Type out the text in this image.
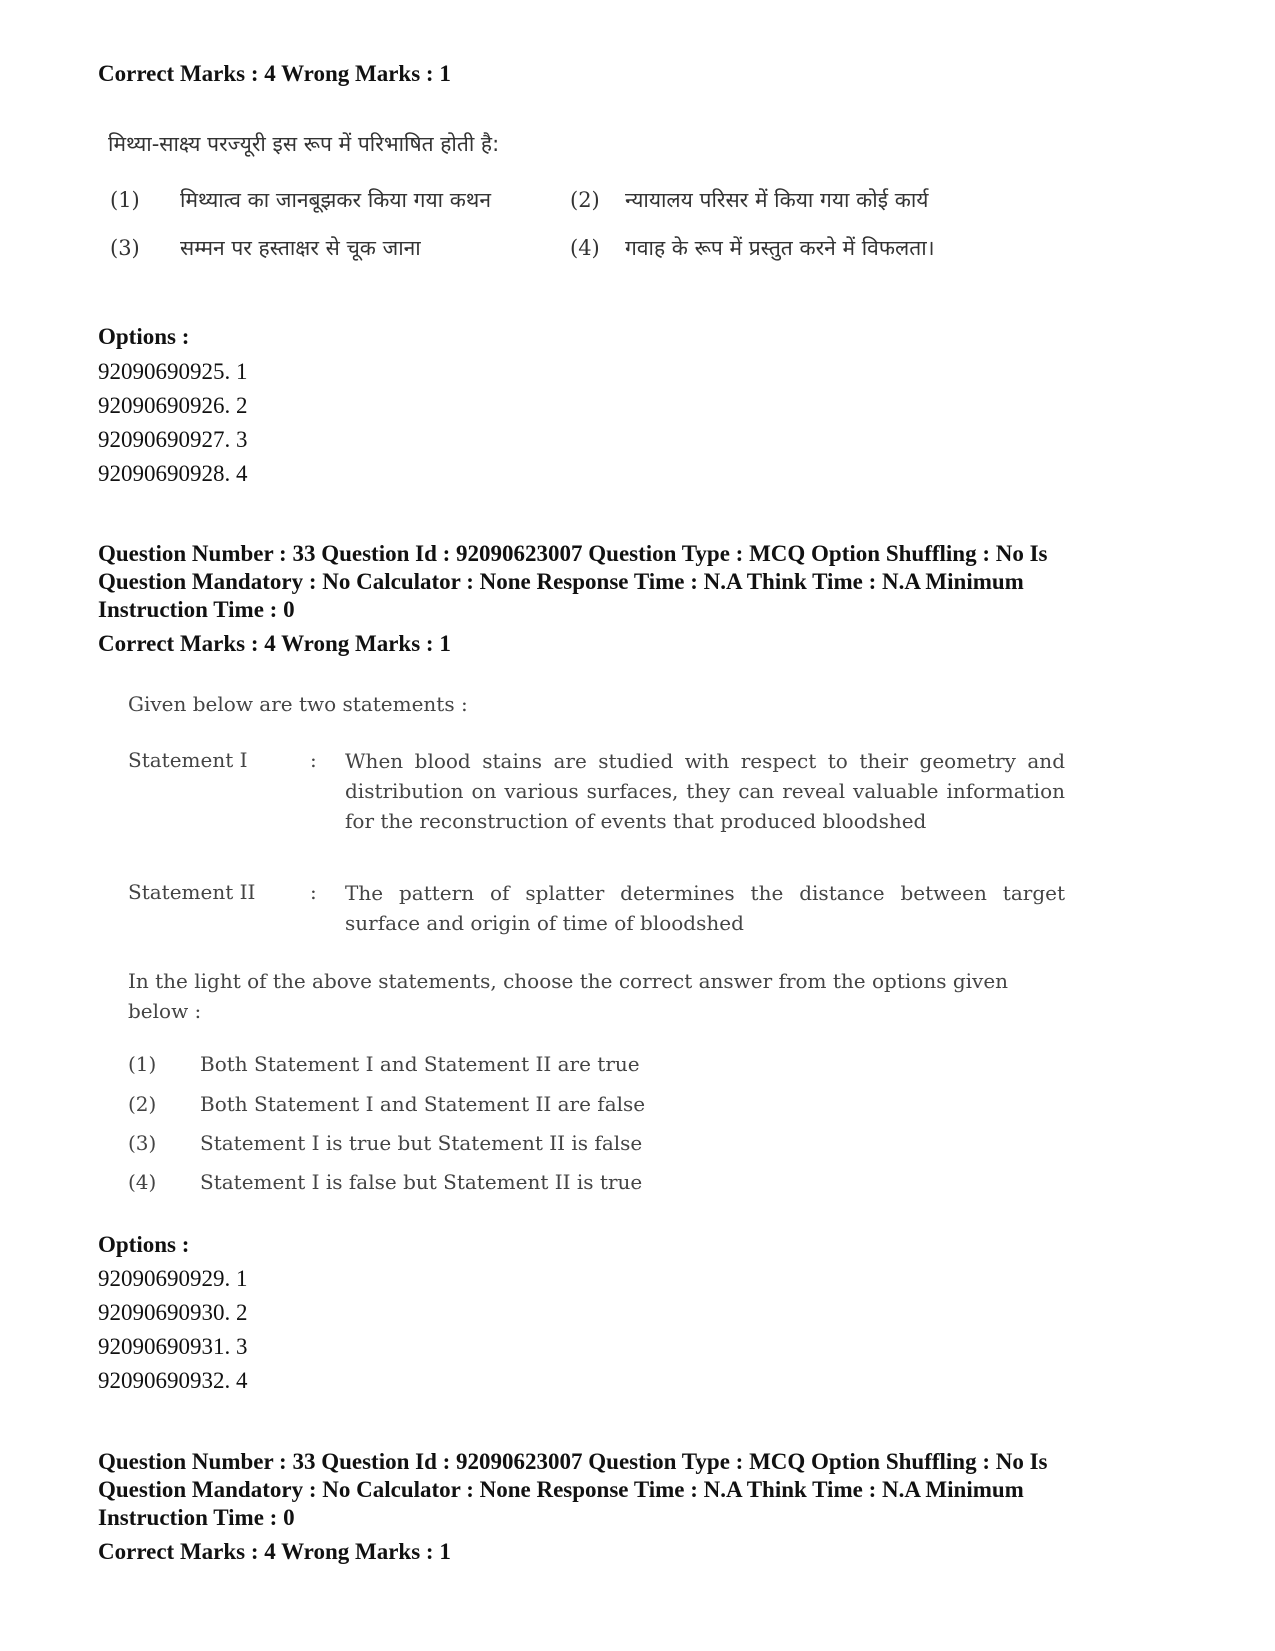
Correct Marks : 4 Wrong Marks : 1
मिथ्या-साक्ष्य परज्यूरी इस रूप में परिभाषित होती है:
(1) मिथ्यात्व का जानबूझकर किया गया कथन	(2) न्यायालय परिसर में किया गया कोई कार्य
(3) सम्मन पर हस्ताक्षर से चूक जाना	(4) गवाह के रूप में प्रस्तुत करने में विफलता।
Options :
92090690925. 1
92090690926. 2
92090690927. 3
92090690928. 4
Question Number : 33 Question Id : 92090623007 Question Type : MCQ Option Shuffling : No Is
Question Mandatory : No Calculator : None Response Time : N.A Think Time : N.A Minimum
Instruction Time : 0
Correct Marks : 4 Wrong Marks : 1
Given below are two statements :
Statement I	: When blood stains are studied with respect to their geometry and distribution on various surfaces, they can reveal valuable information for the reconstruction of events that produced bloodshed
Statement II	: The pattern of splatter determines the distance between target surface and origin of time of bloodshed
In the light of the above statements, choose the correct answer from the options given below :
(1) Both Statement I and Statement II are true
(2) Both Statement I and Statement II are false
(3) Statement I is true but Statement II is false
(4) Statement I is false but Statement II is true
Options :
92090690929. 1
92090690930. 2
92090690931. 3
92090690932. 4
Question Number : 33 Question Id : 92090623007 Question Type : MCQ Option Shuffling : No Is
Question Mandatory : No Calculator : None Response Time : N.A Think Time : N.A Minimum
Instruction Time : 0
Correct Marks : 4 Wrong Marks : 1
